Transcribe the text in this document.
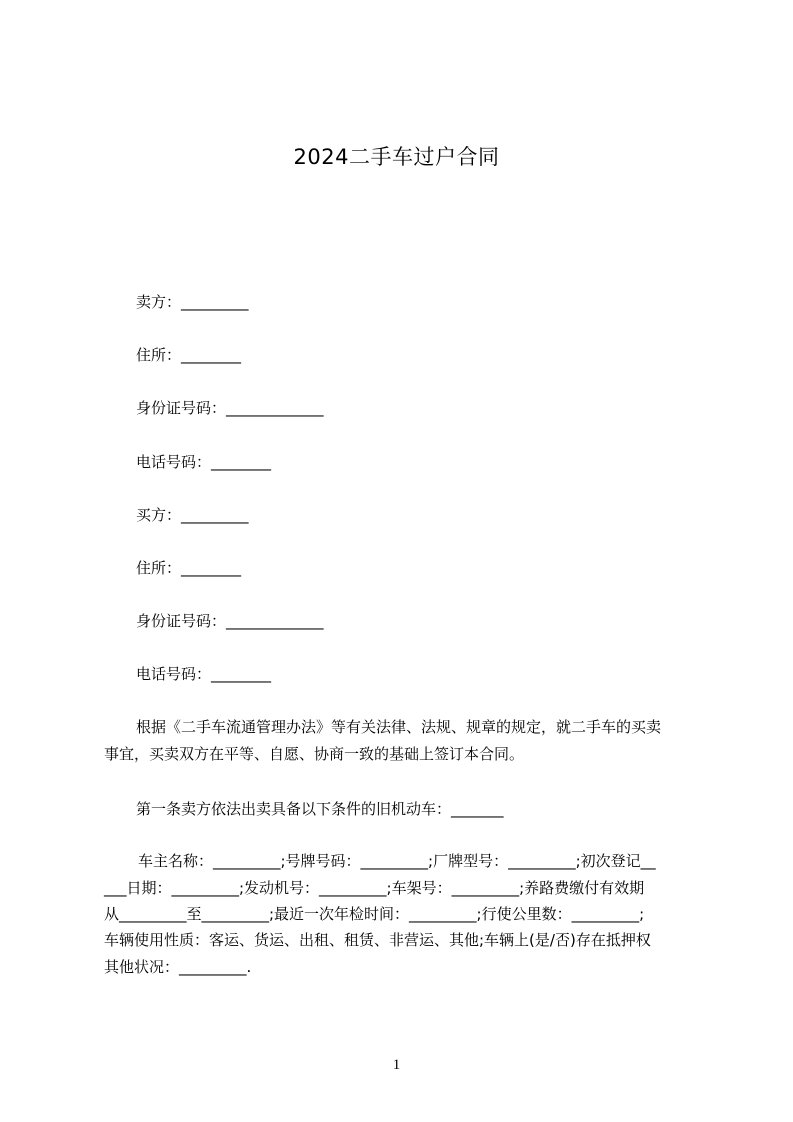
2024二手车过户合同
卖方：_________
住所：________
身份证号码：_____________
电话号码：________
买方：_________
住所：________
身份证号码：_____________
电话号码：________
根据《二手车流通管理办法》等有关法律、法规、规章的规定，就二手车的买卖
事宜，买卖双方在平等、自愿、协商一致的基础上签订本合同。
第一条卖方依法出卖具备以下条件的旧机动车：_______
车主名称：_________;号牌号码：_________;厂牌型号：_________;初次登记__
___日期：_________;发动机号：_________;车架号：_________;养路费缴付有效期
从_________至_________;最近一次年检时间：_________;行使公里数：_________;
车辆使用性质：客运、货运、出租、租赁、非营运、其他;车辆上(是/否)存在抵押权
其他状况：_________.
1
